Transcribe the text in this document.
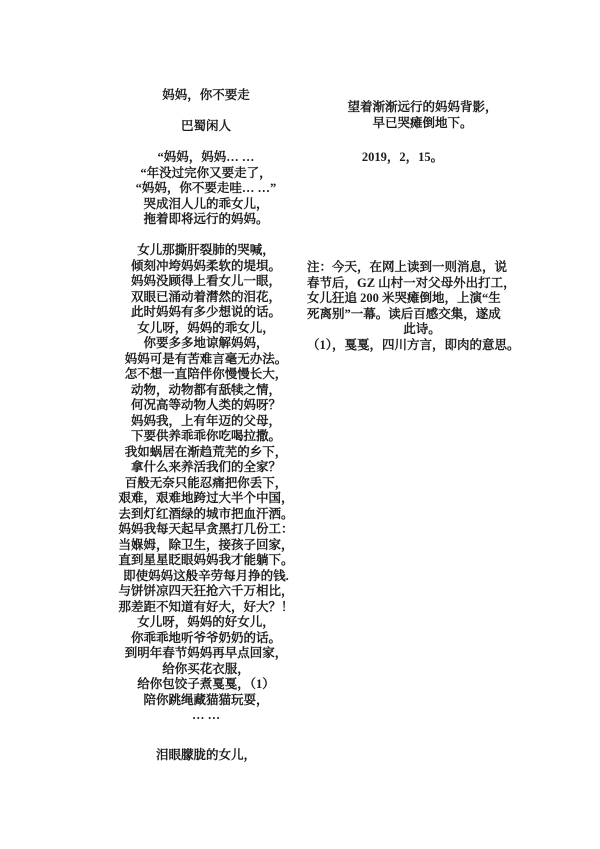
妈妈，你不要走
巴蜀闲人
“妈妈，妈妈… …
“年没过完你又要走了，
“妈妈，你不要走哇… …”
哭成泪人儿的乖女儿，
拖着即将远行的妈妈。
女儿那撕肝裂肺的哭喊，
倾刻冲垮妈妈柔软的堤垻。
妈妈没顾得上看女儿一眼，
双眼已涌动着潸然的泪花，
此时妈妈有多少想说的话。
女儿呀，妈妈的乖女儿，
你要多多地谅解妈妈，
妈妈可是有苦难言毫无办法。
怎不想一直陪伴你慢慢长大，
动物，动物都有舐犊之情，
何况高等动物人类的妈呀？
妈妈我，上有年迈的父母，
下要供养乖乖你吃喝拉撒。
我如蜗居在渐趋荒芜的乡下，
拿什么来养活我们的全家？
百般无奈只能忍痛把你丢下，
艰难，艰难地跨过大半个中国，
去到灯红酒绿的城市把血汗洒。
妈妈我每天起早贪黑打几份工：
当媬姆，除卫生，接孩子回家，
直到星星眨眼妈妈我才能躺下。
即使妈妈这般辛劳每月挣的钱.
与饼饼凉四天狂抢六千万相比，
那差距不知道有好大，好大？！
女儿呀，妈妈的好女儿，
你乖乖地听爷爷奶奶的话。
到明年春节妈妈再早点回家，
给你买花衣服，
给你包饺子煮戛戛，（1）
陪你跳绳藏猫猫玩耍，
… …
泪眼朦胧的女儿，
望着渐渐远行的妈妈背影，
早已哭瘫倒地下。
2019，2，15。
注：今天，在网上读到一则消息，说
春节后，GZ 山村一对父母外出打工，
女儿狂追 200 米哭瘫倒地，上演“生
死离别”一幕。读后百感交集，遂成
此诗。
（1），戛戛，四川方言，即肉的意思。
